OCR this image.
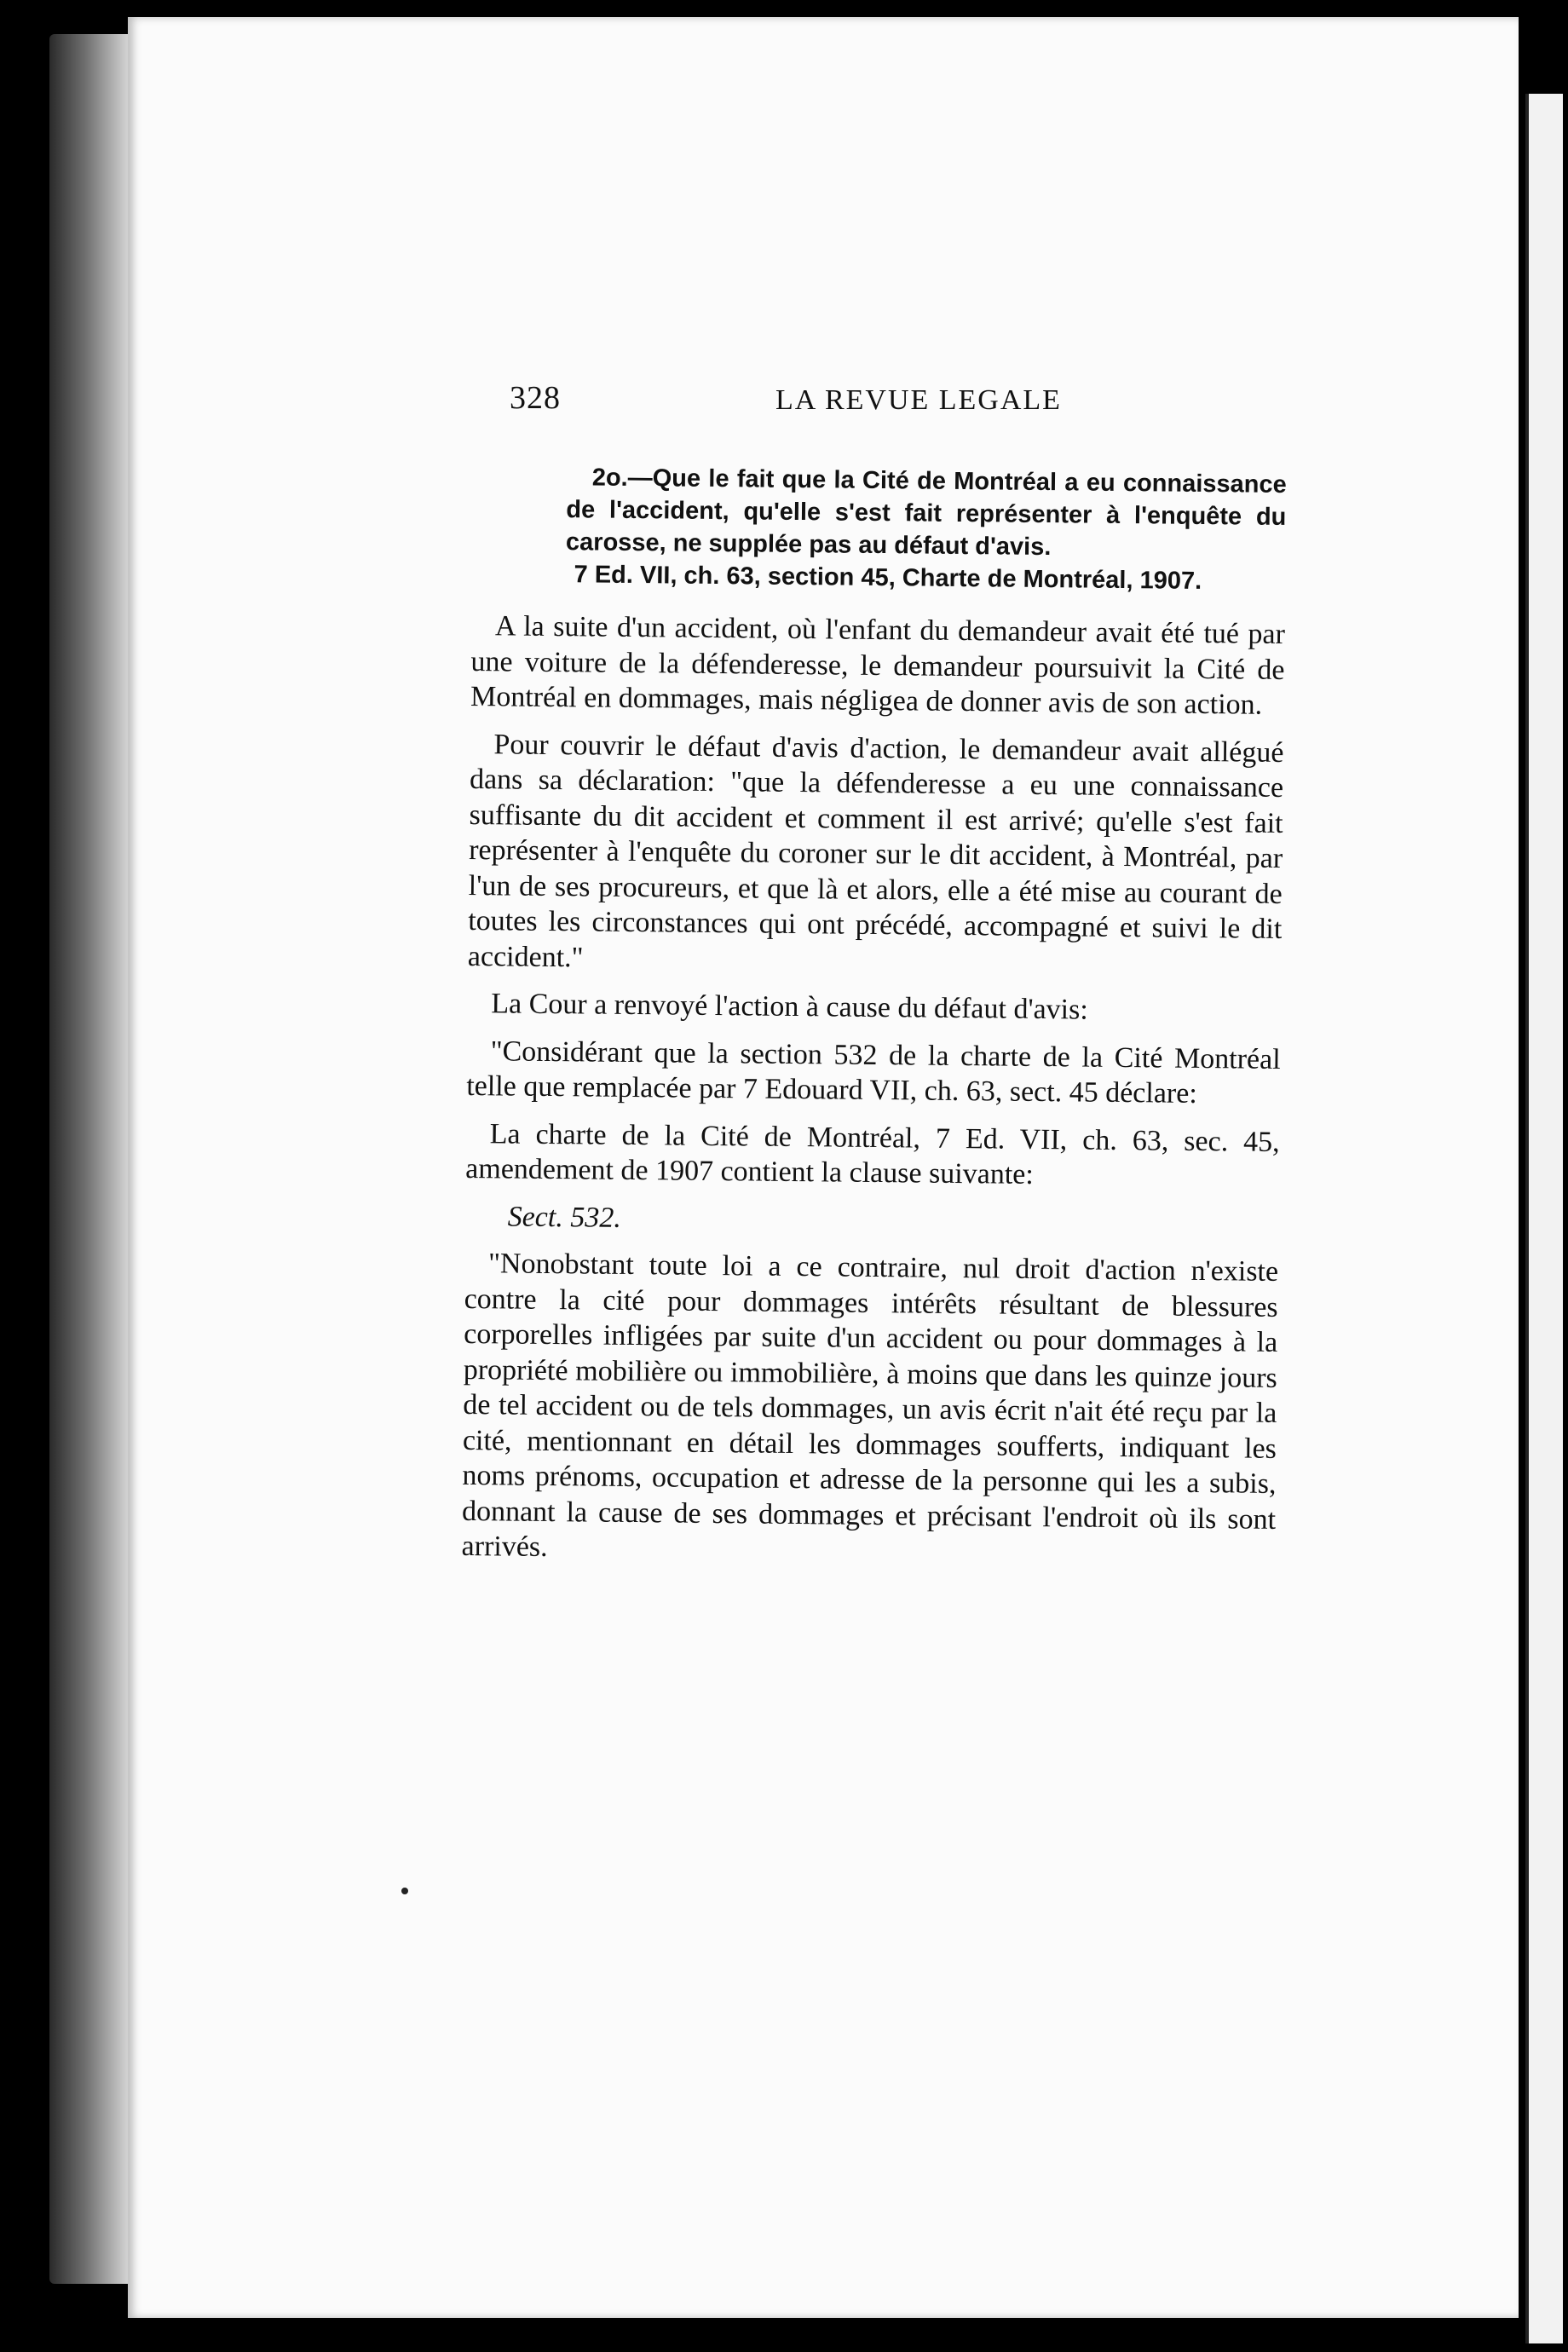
328	LA REVUE LEGALE

2o.—Que le fait que la Cité de Montréal a eu connaissance de l'accident, qu'elle s'est fait représenter à l'enquête du carosse, ne supplée pas au défaut d'avis.

7 Ed. VII, ch. 63, section 45, Charte de Montréal, 1907.

A la suite d'un accident, où l'enfant du demandeur avait été tué par une voiture de la défenderesse, le demandeur poursuivit la Cité de Montréal en dommages, mais négligea de donner avis de son action.

Pour couvrir le défaut d'avis d'action, le demandeur avait allégué dans sa déclaration: "que la défenderesse a eu une connaissance suffisante du dit accident et comment il est arrivé; qu'elle s'est fait représenter à l'enquête du coroner sur le dit accident, à Montréal, par l'un de ses procureurs, et que là et alors, elle a été mise au courant de toutes les circonstances qui ont précédé, accompagné et suivi le dit accident."

La Cour a renvoyé l'action à cause du défaut d'avis:

"Considérant que la section 532 de la charte de la Cité Montréal telle que remplacée par 7 Edouard VII, ch. 63, sect. 45 déclare:

La charte de la Cité de Montréal, 7 Ed. VII, ch. 63, sec. 45, amendement de 1907 contient la clause suivante:

Sect. 532.

"Nonobstant toute loi a ce contraire, nul droit d'action n'existe contre la cité pour dommages intérêts résultant de blessures corporelles infligées par suite d'un accident ou pour dommages à la propriété mobilière ou immobilière, à moins que dans les quinze jours de tel accident ou de tels dommages, un avis écrit n'ait été reçu par la cité, mentionnant en détail les dommages soufferts, indiquant les noms prénoms, occupation et adresse de la personne qui les a subis, donnant la cause de ses dommages et précisant l'endroit où ils sont arrivés.
